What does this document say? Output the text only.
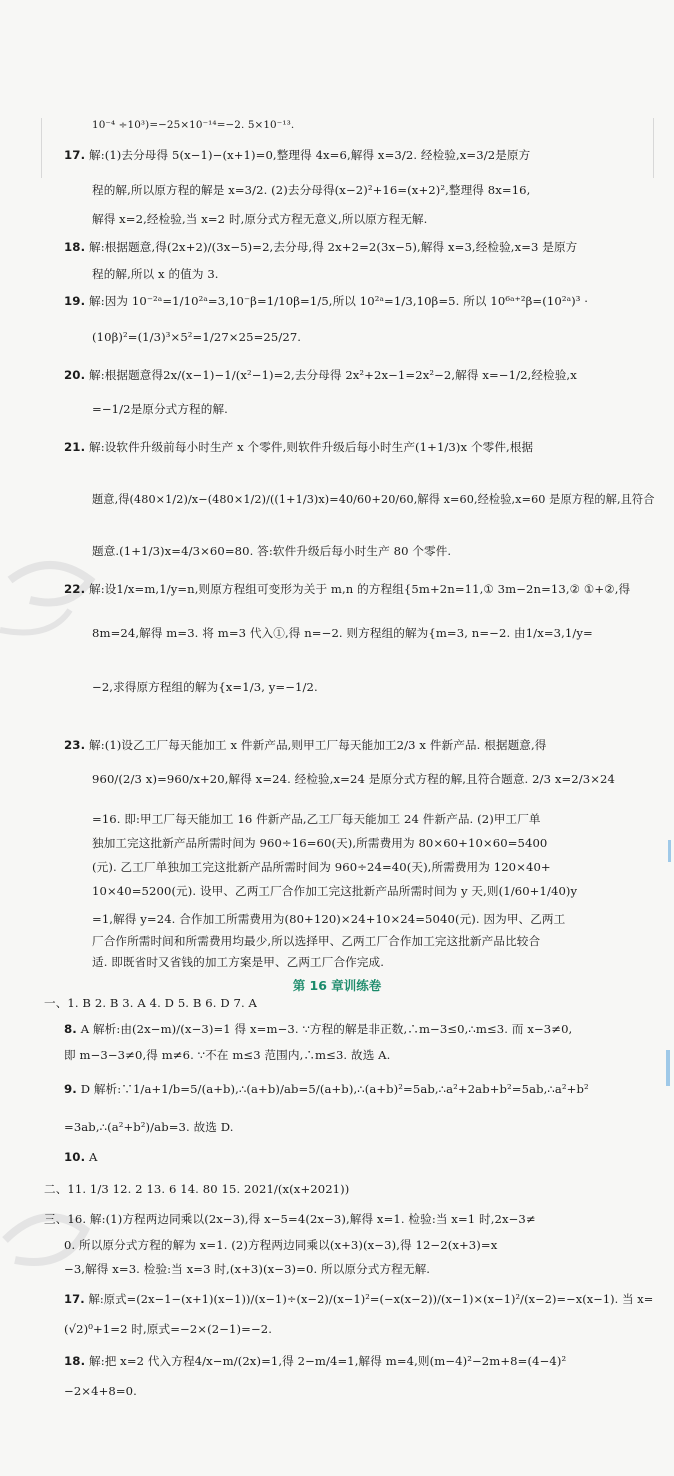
10⁻⁴ ÷10³)=−25×10⁻¹⁴=−2. 5×10⁻¹³.
17. 解:(1)去分母得 5(x−1)−(x+1)=0,整理得 4x=6,解得 x=3/2. 经检验,x=3/2是原方
程的解,所以原方程的解是 x=3/2. (2)去分母得(x−2)²+16=(x+2)²,整理得 8x=16,
解得 x=2,经检验,当 x=2 时,原分式方程无意义,所以原方程无解.
18. 解:根据题意,得(2x+2)/(3x−5)=2,去分母,得 2x+2=2(3x−5),解得 x=3,经检验,x=3 是原方
程的解,所以 x 的值为 3.
19. 解:因为 10⁻²ᵃ=1/10²ᵃ=3,10⁻β=1/10β=1/5,所以 10²ᵃ=1/3,10β=5. 所以 10⁶ᵃ⁺²β=(10²ᵃ)³ ·
(10β)²=(1/3)³×5²=1/27×25=25/27.
20. 解:根据题意得2x/(x−1)−1/(x²−1)=2,去分母得 2x²+2x−1=2x²−2,解得 x=−1/2,经检验,x
=−1/2是原分式方程的解.
21. 解:设软件升级前每小时生产 x 个零件,则软件升级后每小时生产(1+1/3)x 个零件,根据
题意,得(480×1/2)/x−(480×1/2)/((1+1/3)x)=40/60+20/60,解得 x=60,经检验,x=60 是原方程的解,且符合
题意.(1+1/3)x=4/3×60=80. 答:软件升级后每小时生产 80 个零件.
22. 解:设1/x=m,1/y=n,则原方程组可变形为关于 m,n 的方程组{5m+2n=11,① 3m−2n=13,② ①+②,得
8m=24,解得 m=3. 将 m=3 代入①,得 n=−2. 则方程组的解为{m=3, n=−2. 由1/x=3,1/y=
−2,求得原方程组的解为{x=1/3, y=−1/2.
23. 解:(1)设乙工厂每天能加工 x 件新产品,则甲工厂每天能加工2/3 x 件新产品. 根据题意,得
960/(2/3 x)=960/x+20,解得 x=24. 经检验,x=24 是原分式方程的解,且符合题意. 2/3 x=2/3×24
=16. 即:甲工厂每天能加工 16 件新产品,乙工厂每天能加工 24 件新产品. (2)甲工厂单
独加工完这批新产品所需时间为 960÷16=60(天),所需费用为 80×60+10×60=5400
(元). 乙工厂单独加工完这批新产品所需时间为 960÷24=40(天),所需费用为 120×40+
10×40=5200(元). 设甲、乙两工厂合作加工完这批新产品所需时间为 y 天,则(1/60+1/40)y
=1,解得 y=24. 合作加工所需费用为(80+120)×24+10×24=5040(元). 因为甲、乙两工
厂合作所需时间和所需费用均最少,所以选择甲、乙两工厂合作加工完这批新产品比较合
适. 即既省时又省钱的加工方案是甲、乙两工厂合作完成.
第 16 章训练卷
一、1. B 2. B 3. A 4. D 5. B 6. D 7. A
8. A 解析:由(2x−m)/(x−3)=1 得 x=m−3. ∵方程的解是非正数,∴m−3≤0,∴m≤3. 而 x−3≠0,
即 m−3−3≠0,得 m≠6. ∵不在 m≤3 范围内,∴m≤3. 故选 A.
9. D 解析:∵1/a+1/b=5/(a+b),∴(a+b)/ab=5/(a+b),∴(a+b)²=5ab,∴a²+2ab+b²=5ab,∴a²+b²
=3ab,∴(a²+b²)/ab=3. 故选 D.
10. A
二、11. 1/3 12. 2 13. 6 14. 80 15. 2021/(x(x+2021))
三、16. 解:(1)方程两边同乘以(2x−3),得 x−5=4(2x−3),解得 x=1. 检验:当 x=1 时,2x−3≠
0. 所以原分式方程的解为 x=1. (2)方程两边同乘以(x+3)(x−3),得 12−2(x+3)=x
−3,解得 x=3. 检验:当 x=3 时,(x+3)(x−3)=0. 所以原分式方程无解.
17. 解:原式=(2x−1−(x+1)(x−1))/(x−1)÷(x−2)/(x−1)²=(−x(x−2))/(x−1)×(x−1)²/(x−2)=−x(x−1). 当 x=
(√2)⁰+1=2 时,原式=−2×(2−1)=−2.
18. 解:把 x=2 代入方程4/x−m/(2x)=1,得 2−m/4=1,解得 m=4,则(m−4)²−2m+8=(4−4)²
−2×4+8=0.
